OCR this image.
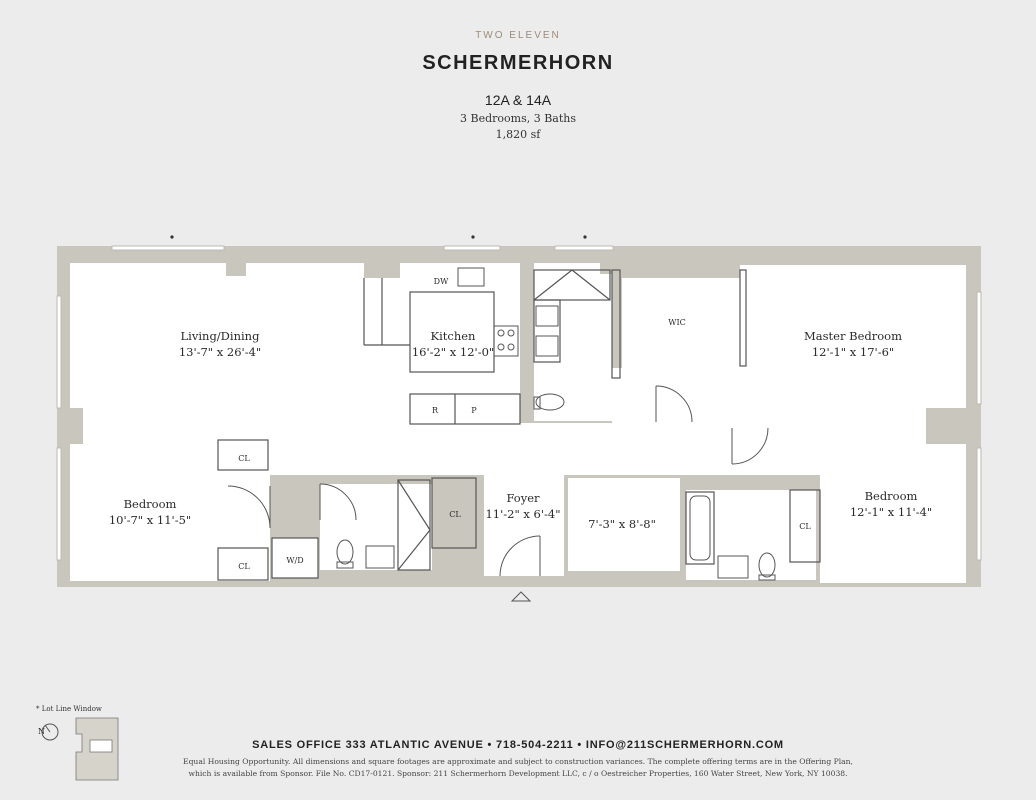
TWO ELEVEN
SCHERMERHORN
12A & 14A
3 Bedrooms, 3 Baths
1,820 sf
Living/Dining
13'-7" x 26'-4"
Kitchen
16'-2" x 12'-0"
Master Bedroom
12'-1" x 17'-6"
Bedroom
10'-7" x 11'-5"
Bedroom
12'-1" x 11'-4"
Foyer
11'-2" x 6'-4"
7'-3" x 8'-8"
DW
R	P
WIC
CL
CL
CL
CL
W/D
N
* Lot Line Window
SALES OFFICE 333 ATLANTIC AVENUE • 718-504-2211 • INFO@211SCHERMERHORN.COM
Equal Housing Opportunity. All dimensions and square footages are approximate and subject to construction variances. The complete offering terms are in the Offering Plan,
which is available from Sponsor. File No. CD17-0121. Sponsor: 211 Schermerhorn Development LLC, c / o Oestreicher Properties, 160 Water Street, New York, NY 10038.
